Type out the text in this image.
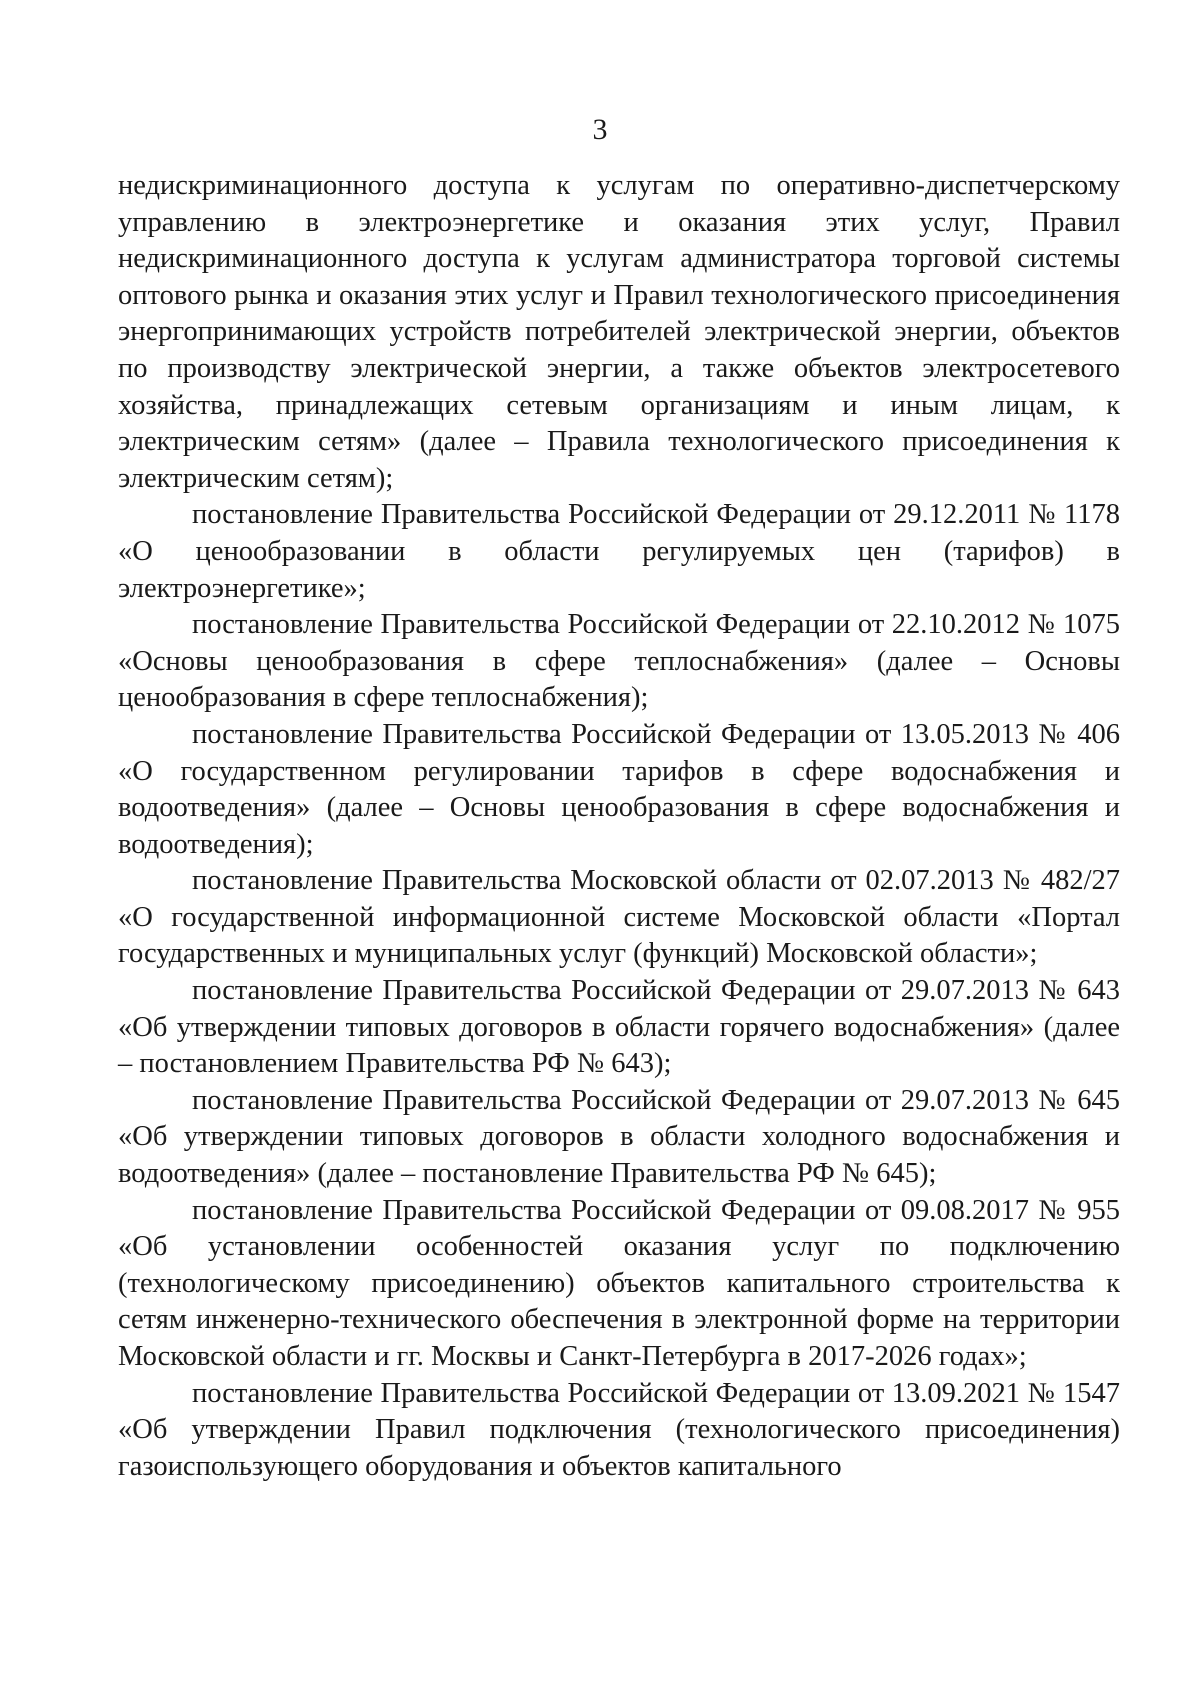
3

недискриминационного доступа к услугам по оперативно-диспетчерскому управлению в электроэнергетике и оказания этих услуг, Правил недискриминационного доступа к услугам администратора торговой системы оптового рынка и оказания этих услуг и Правил технологического присоединения энергопринимающих устройств потребителей электрической энергии, объектов по производству электрической энергии, а также объектов электросетевого хозяйства, принадлежащих сетевым организациям и иным лицам, к электрическим сетям» (далее – Правила технологического присоединения к электрическим сетям);

постановление Правительства Российской Федерации от 29.12.2011 № 1178 «О ценообразовании в области регулируемых цен (тарифов) в электроэнергетике»;

постановление Правительства Российской Федерации от 22.10.2012 № 1075 «Основы ценообразования в сфере теплоснабжения» (далее – Основы ценообразования в сфере теплоснабжения);

постановление Правительства Российской Федерации от 13.05.2013 № 406 «О государственном регулировании тарифов в сфере водоснабжения и водоотведения» (далее – Основы ценообразования в сфере водоснабжения и водоотведения);

постановление Правительства Московской области от 02.07.2013 № 482/27 «О государственной информационной системе Московской области «Портал государственных и муниципальных услуг (функций) Московской области»;

постановление Правительства Российской Федерации от 29.07.2013 № 643 «Об утверждении типовых договоров в области горячего водоснабжения» (далее – постановлением Правительства РФ № 643);

постановление Правительства Российской Федерации от 29.07.2013 № 645 «Об утверждении типовых договоров в области холодного водоснабжения и водоотведения» (далее – постановление Правительства РФ № 645);

постановление Правительства Российской Федерации от 09.08.2017 № 955 «Об установлении особенностей оказания услуг по подключению (технологическому присоединению) объектов капитального строительства к сетям инженерно-технического обеспечения в электронной форме на территории Московской области и гг. Москвы и Санкт-Петербурга в 2017-2026 годах»;

постановление Правительства Российской Федерации от 13.09.2021 № 1547 «Об утверждении Правил подключения (технологического присоединения) газоиспользующего оборудования и объектов капитального
